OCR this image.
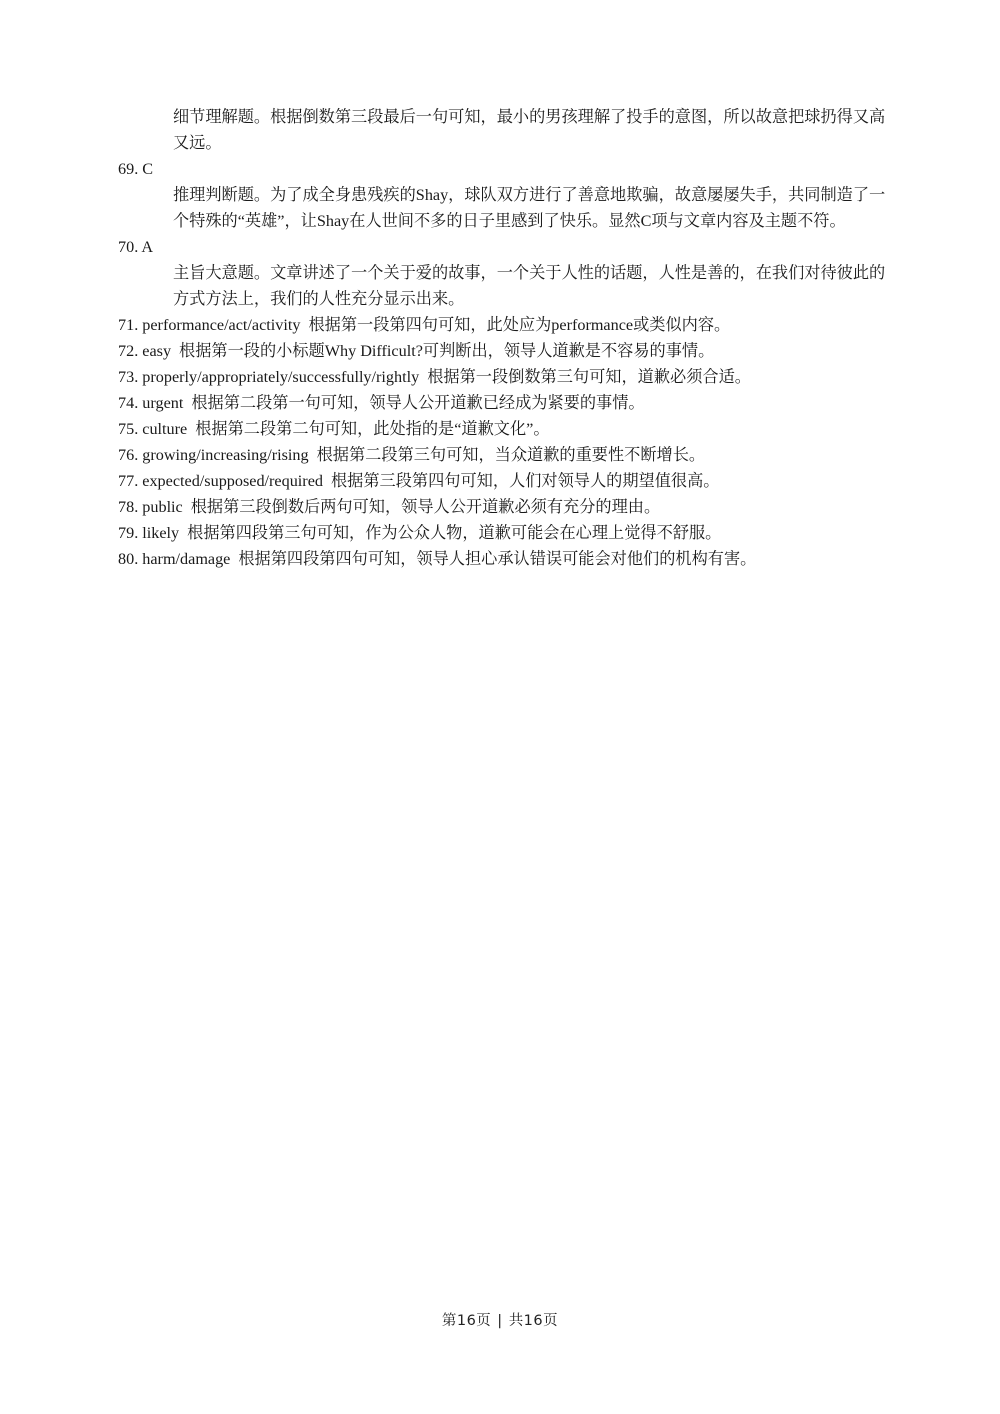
细节理解题。根据倒数第三段最后一句可知，最小的男孩理解了投手的意图，所以故意把球扔得又高又远。

69. C

推理判断题。为了成全身患残疾的Shay，球队双方进行了善意地欺骗，故意屡屡失手，共同制造了一个特殊的“英雄”，让Shay在人世间不多的日子里感到了快乐。显然C项与文章内容及主题不符。

70. A

主旨大意题。文章讲述了一个关于爱的故事，一个关于人性的话题，人性是善的，在我们对待彼此的方式方法上，我们的人性充分显示出来。

71. performance/act/activity 根据第一段第四句可知，此处应为performance或类似内容。

72. easy 根据第一段的小标题Why Difficult?可判断出，领导人道歉是不容易的事情。

73. properly/appropriately/successfully/rightly 根据第一段倒数第三句可知，道歉必须合适。

74. urgent 根据第二段第一句可知，领导人公开道歉已经成为紧要的事情。

75. culture 根据第二段第二句可知，此处指的是“道歉文化”。

76. growing/increasing/rising 根据第二段第三句可知，当众道歉的重要性不断增长。

77. expected/supposed/required 根据第三段第四句可知，人们对领导人的期望值很高。

78. public 根据第三段倒数后两句可知，领导人公开道歉必须有充分的理由。

79. likely 根据第四段第三句可知，作为公众人物，道歉可能会在心理上觉得不舒服。

80. harm/damage 根据第四段第四句可知，领导人担心承认错误可能会对他们的机构有害。

第16页 | 共16页
